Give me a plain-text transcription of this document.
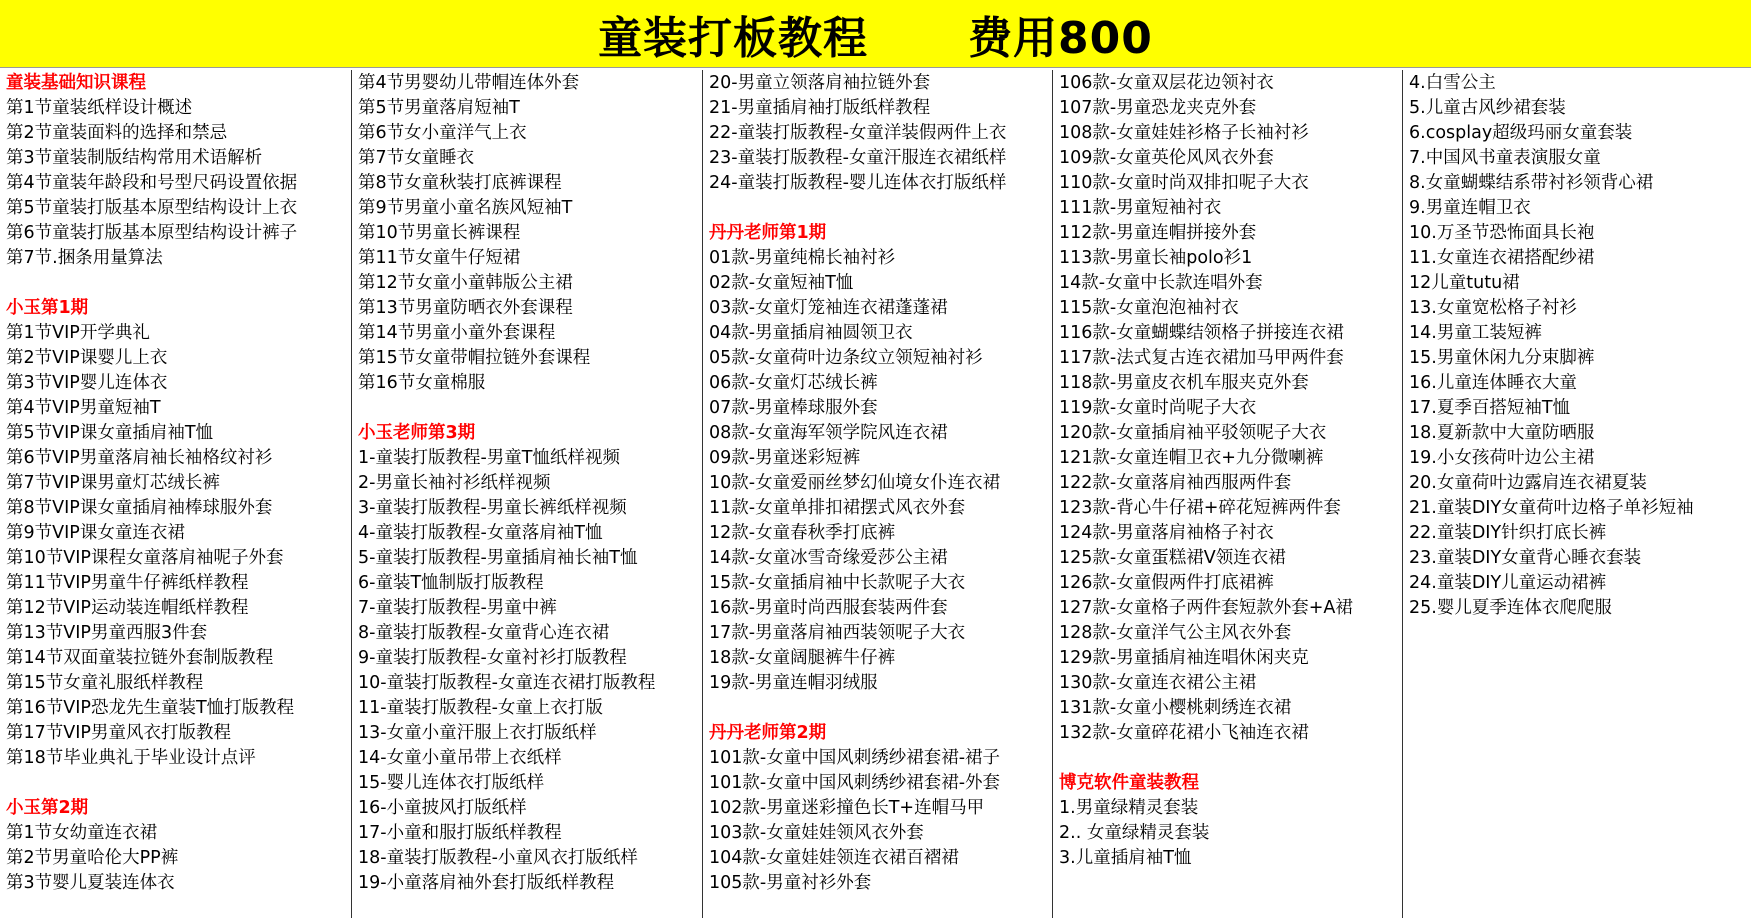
童装打板教程 费用800
童装基础知识课程
第1节童装纸样设计概述
第2节童装面料的选择和禁忌
第3节童装制版结构常用术语解析
第4节童装年龄段和号型尺码设置依据
第5节童装打版基本原型结构设计上衣
第6节童装打版基本原型结构设计裤子
第7节.捆条用量算法
小玉第1期
第1节VIP开学典礼
第2节VIP课婴儿上衣
第3节VIP婴儿连体衣
第4节VIP男童短袖T
第5节VIP课女童插肩袖T恤
第6节VIP男童落肩袖长袖格纹衬衫
第7节VIP课男童灯芯绒长裤
第8节VIP课女童插肩袖棒球服外套
第9节VIP课女童连衣裙
第10节VIP课程女童落肩袖呢子外套
第11节VIP男童牛仔裤纸样教程
第12节VIP运动装连帽纸样教程
第13节VIP男童西服3件套
第14节双面童装拉链外套制版教程
第15节女童礼服纸样教程
第16节VIP恐龙先生童装T恤打版教程
第17节VIP男童风衣打版教程
第18节毕业典礼于毕业设计点评
小玉第2期
第1节女幼童连衣裙
第2节男童哈伦大PP裤
第3节婴儿夏装连体衣
第4节男婴幼儿带帽连体外套
第5节男童落肩短袖T
第6节女小童洋气上衣
第7节女童睡衣
第8节女童秋装打底裤课程
第9节男童小童名族风短袖T
第10节男童长裤课程
第11节女童牛仔短裙
第12节女童小童韩版公主裙
第13节男童防晒衣外套课程
第14节男童小童外套课程
第15节女童带帽拉链外套课程
第16节女童棉服
小玉老师第3期
1-童装打版教程-男童T恤纸样视频
2-男童长袖衬衫纸样视频
3-童装打版教程-男童长裤纸样视频
4-童装打版教程-女童落肩袖T恤
5-童装打版教程-男童插肩袖长袖T恤
6-童装T恤制版打版教程
7-童装打版教程-男童中裤
8-童装打版教程-女童背心连衣裙
9-童装打版教程-女童衬衫打版教程
10-童装打版教程-女童连衣裙打版教程
11-童装打版教程-女童上衣打版
13-女童小童汗服上衣打版纸样
14-女童小童吊带上衣纸样
15-婴儿连体衣打版纸样
16-小童披风打版纸样
17-小童和服打版纸样教程
18-童装打版教程-小童风衣打版纸样
19-小童落肩袖外套打版纸样教程
20-男童立领落肩袖拉链外套
21-男童插肩袖打版纸样教程
22-童装打版教程-女童洋装假两件上衣
23-童装打版教程-女童汗服连衣裙纸样
24-童装打版教程-婴儿连体衣打版纸样
丹丹老师第1期
01款-男童纯棉长袖衬衫
02款-女童短袖T恤
03款-女童灯笼袖连衣裙蓬蓬裙
04款-男童插肩袖圆领卫衣
05款-女童荷叶边条纹立领短袖衬衫
06款-女童灯芯绒长裤
07款-男童棒球服外套
08款-女童海军领学院风连衣裙
09款-男童迷彩短裤
10款-女童爱丽丝梦幻仙境女仆连衣裙
11款-女童单排扣裙摆式风衣外套
12款-女童春秋季打底裤
14款-女童冰雪奇缘爱莎公主裙
15款-女童插肩袖中长款呢子大衣
16款-男童时尚西服套装两件套
17款-男童落肩袖西装领呢子大衣
18款-女童阔腿裤牛仔裤
19款-男童连帽羽绒服
丹丹老师第2期
101款-女童中国风刺绣纱裙套裙-裙子
101款-女童中国风刺绣纱裙套裙-外套
102款-男童迷彩撞色长T+连帽马甲
103款-女童娃娃领风衣外套
104款-女童娃娃领连衣裙百褶裙
105款-男童衬衫外套
106款-女童双层花边领衬衣
107款-男童恐龙夹克外套
108款-女童娃娃衫格子长袖衬衫
109款-女童英伦风风衣外套
110款-女童时尚双排扣呢子大衣
111款-男童短袖衬衣
112款-男童连帽拼接外套
113款-男童长袖polo衫1
14款-女童中长款连唱外套
115款-女童泡泡袖衬衣
116款-女童蝴蝶结领格子拼接连衣裙
117款-法式复古连衣裙加马甲两件套
118款-男童皮衣机车服夹克外套
119款-女童时尚呢子大衣
120款-女童插肩袖平驳领呢子大衣
121款-女童连帽卫衣+九分微喇裤
122款-女童落肩袖西服两件套
123款-背心牛仔裙+碎花短裤两件套
124款-男童落肩袖格子衬衣
125款-女童蛋糕裙V领连衣裙
126款-女童假两件打底裙裤
127款-女童格子两件套短款外套+A裙
128款-女童洋气公主风衣外套
129款-男童插肩袖连唱休闲夹克
130款-女童连衣裙公主裙
131款-女童小樱桃刺绣连衣裙
132款-女童碎花裙小飞袖连衣裙
博克软件童装教程
1.男童绿精灵套装
2.. 女童绿精灵套装
3.儿童插肩袖T恤
4.白雪公主
5.儿童古风纱裙套装
6.cosplay超级玛丽女童套装
7.中国风书童表演服女童
8.女童蝴蝶结系带衬衫领背心裙
9.男童连帽卫衣
10.万圣节恐怖面具长袍
11.女童连衣裙搭配纱裙
12儿童tutu裙
13.女童宽松格子衬衫
14.男童工装短裤
15.男童休闲九分束脚裤
16.儿童连体睡衣大童
17.夏季百搭短袖T恤
18.夏新款中大童防晒服
19.小女孩荷叶边公主裙
20.女童荷叶边露肩连衣裙夏装
21.童装DIY女童荷叶边格子单衫短袖
22.童装DIY针织打底长裤
23.童装DIY女童背心睡衣套装
24.童装DIY儿童运动裙裤
25.婴儿夏季连体衣爬爬服
